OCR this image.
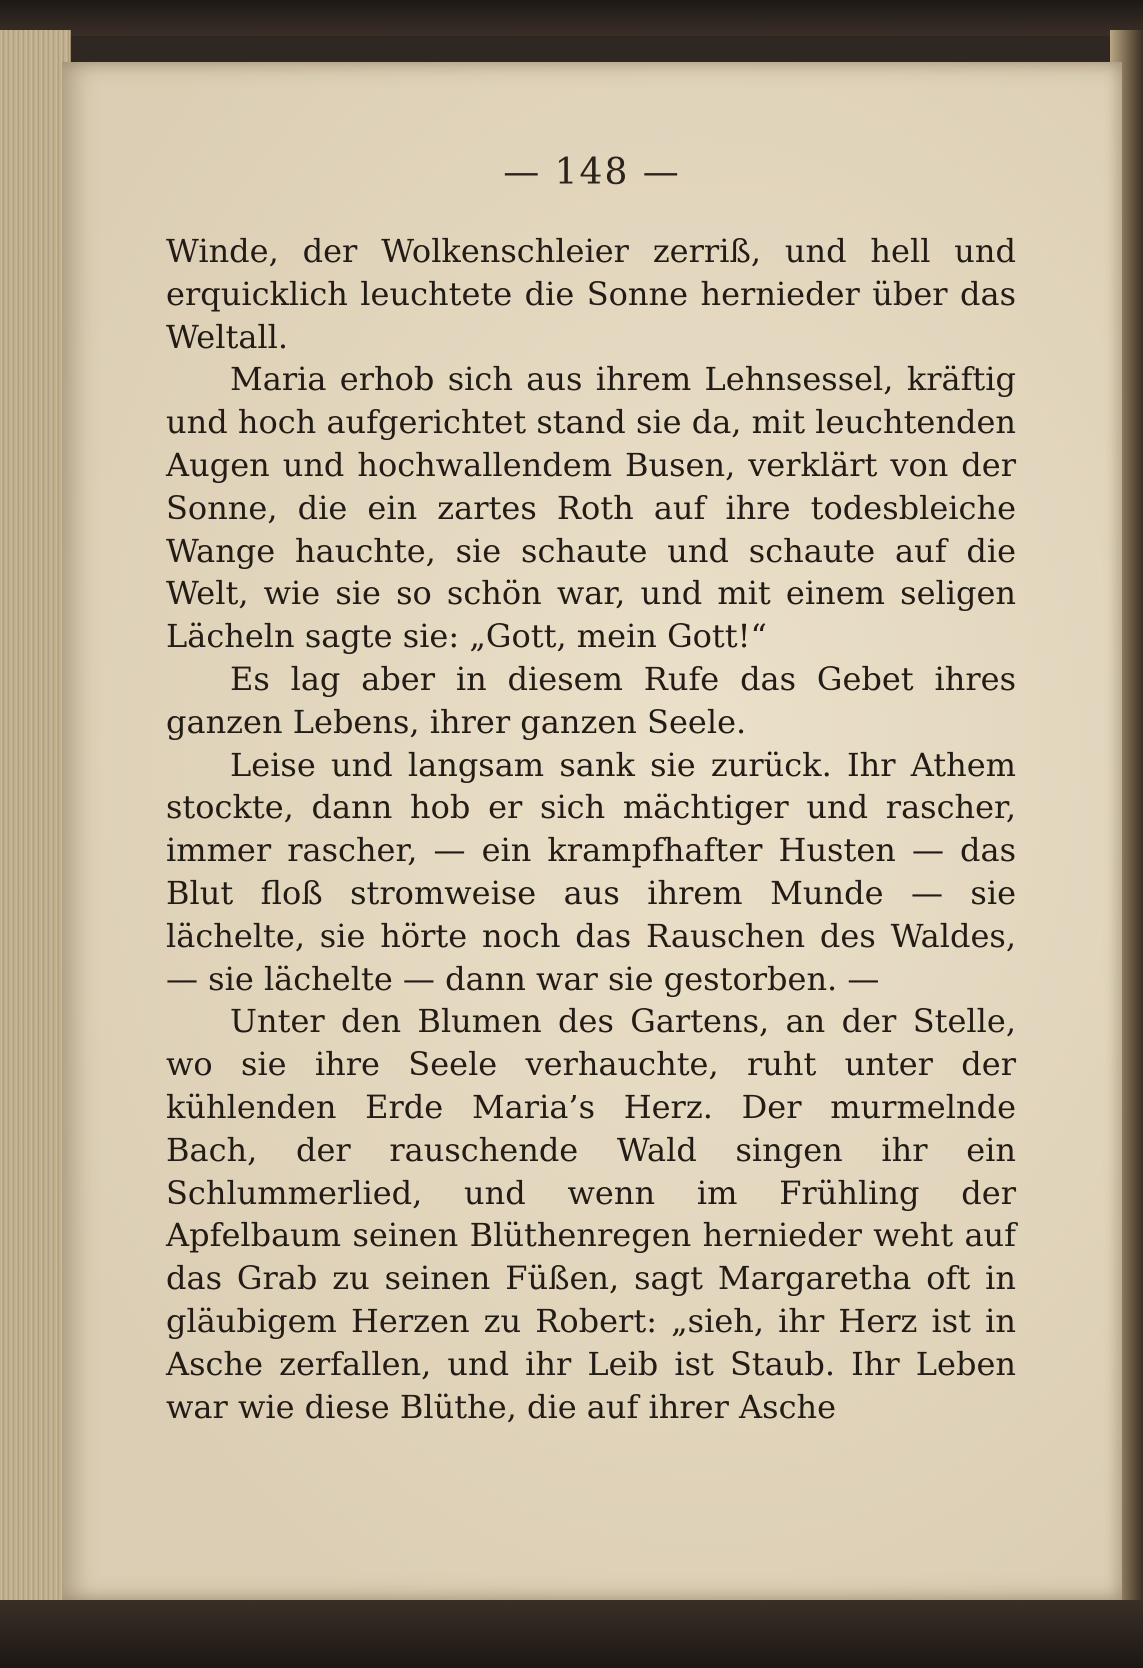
— 148 —

Winde, der Wolkenschleier zerriß, und hell und erquicklich leuchtete die Sonne hernieder über das Weltall.

Maria erhob sich aus ihrem Lehnsessel, kräftig und hoch aufgerichtet stand sie da, mit leuchtenden Augen und hochwallendem Busen, verklärt von der Sonne, die ein zartes Roth auf ihre todesbleiche Wange hauchte, sie schaute und schaute auf die Welt, wie sie so schön war, und mit einem seligen Lächeln sagte sie: „Gott, mein Gott!“

Es lag aber in diesem Rufe das Gebet ihres ganzen Lebens, ihrer ganzen Seele.

Leise und langsam sank sie zurück. Ihr Athem stockte, dann hob er sich mächtiger und rascher, immer rascher, — ein krampfhafter Husten — das Blut floß stromweise aus ihrem Munde — sie lächelte, sie hörte noch das Rauschen des Waldes, — sie lächelte — dann war sie gestorben. —

Unter den Blumen des Gartens, an der Stelle, wo sie ihre Seele verhauchte, ruht unter der kühlenden Erde Maria’s Herz. Der murmelnde Bach, der rauschende Wald singen ihr ein Schlummerlied, und wenn im Frühling der Apfelbaum seinen Blüthenregen hernieder weht auf das Grab zu seinen Füßen, sagt Margaretha oft in gläubigem Herzen zu Robert: „sieh, ihr Herz ist in Asche zerfallen, und ihr Leib ist Staub. Ihr Leben war wie diese Blüthe, die auf ihrer Asche
